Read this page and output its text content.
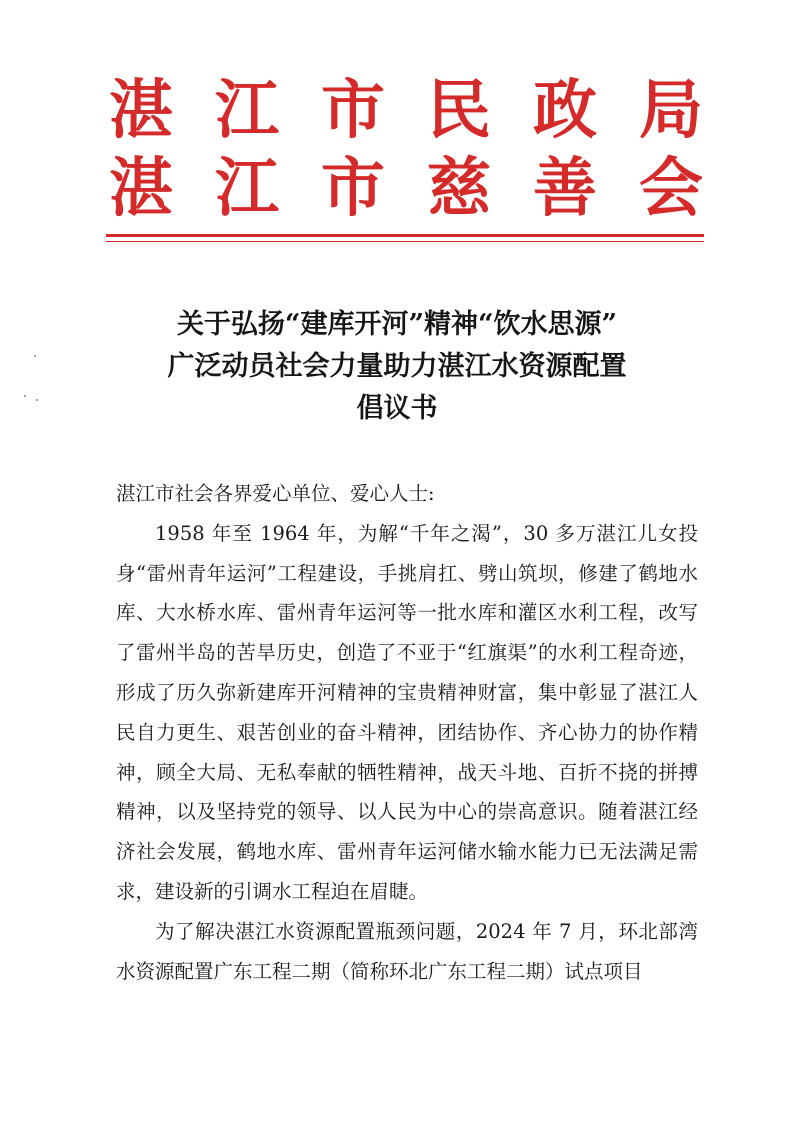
湛 江 市 民 政 局
湛 江 市 慈 善 会
关于弘扬“建库开河”精神“饮水思源”
广泛动员社会力量助力湛江水资源配置
倡议书

湛江市社会各界爱心单位、爱心人士:

1958 年至 1964 年，为解“千年之渴”，30 多万湛江儿女投身“雷州青年运河”工程建设，手挑肩扛、劈山筑坝，修建了鹤地水库、大水桥水库、雷州青年运河等一批水库和灌区水利工程，改写了雷州半岛的苦旱历史，创造了不亚于“红旗渠”的水利工程奇迹，形成了历久弥新建库开河精神的宝贵精神财富，集中彰显了湛江人民自力更生、艰苦创业的奋斗精神，团结协作、齐心协力的协作精神，顾全大局、无私奉献的牺牲精神，战天斗地、百折不挠的拼搏精神，以及坚持党的领导、以人民为中心的崇高意识。随着湛江经济社会发展，鹤地水库、雷州青年运河储水输水能力已无法满足需求，建设新的引调水工程迫在眉睫。

为了解决湛江水资源配置瓶颈问题，2024 年 7 月，环北部湾水资源配置广东工程二期（简称环北广东工程二期）试点项目
